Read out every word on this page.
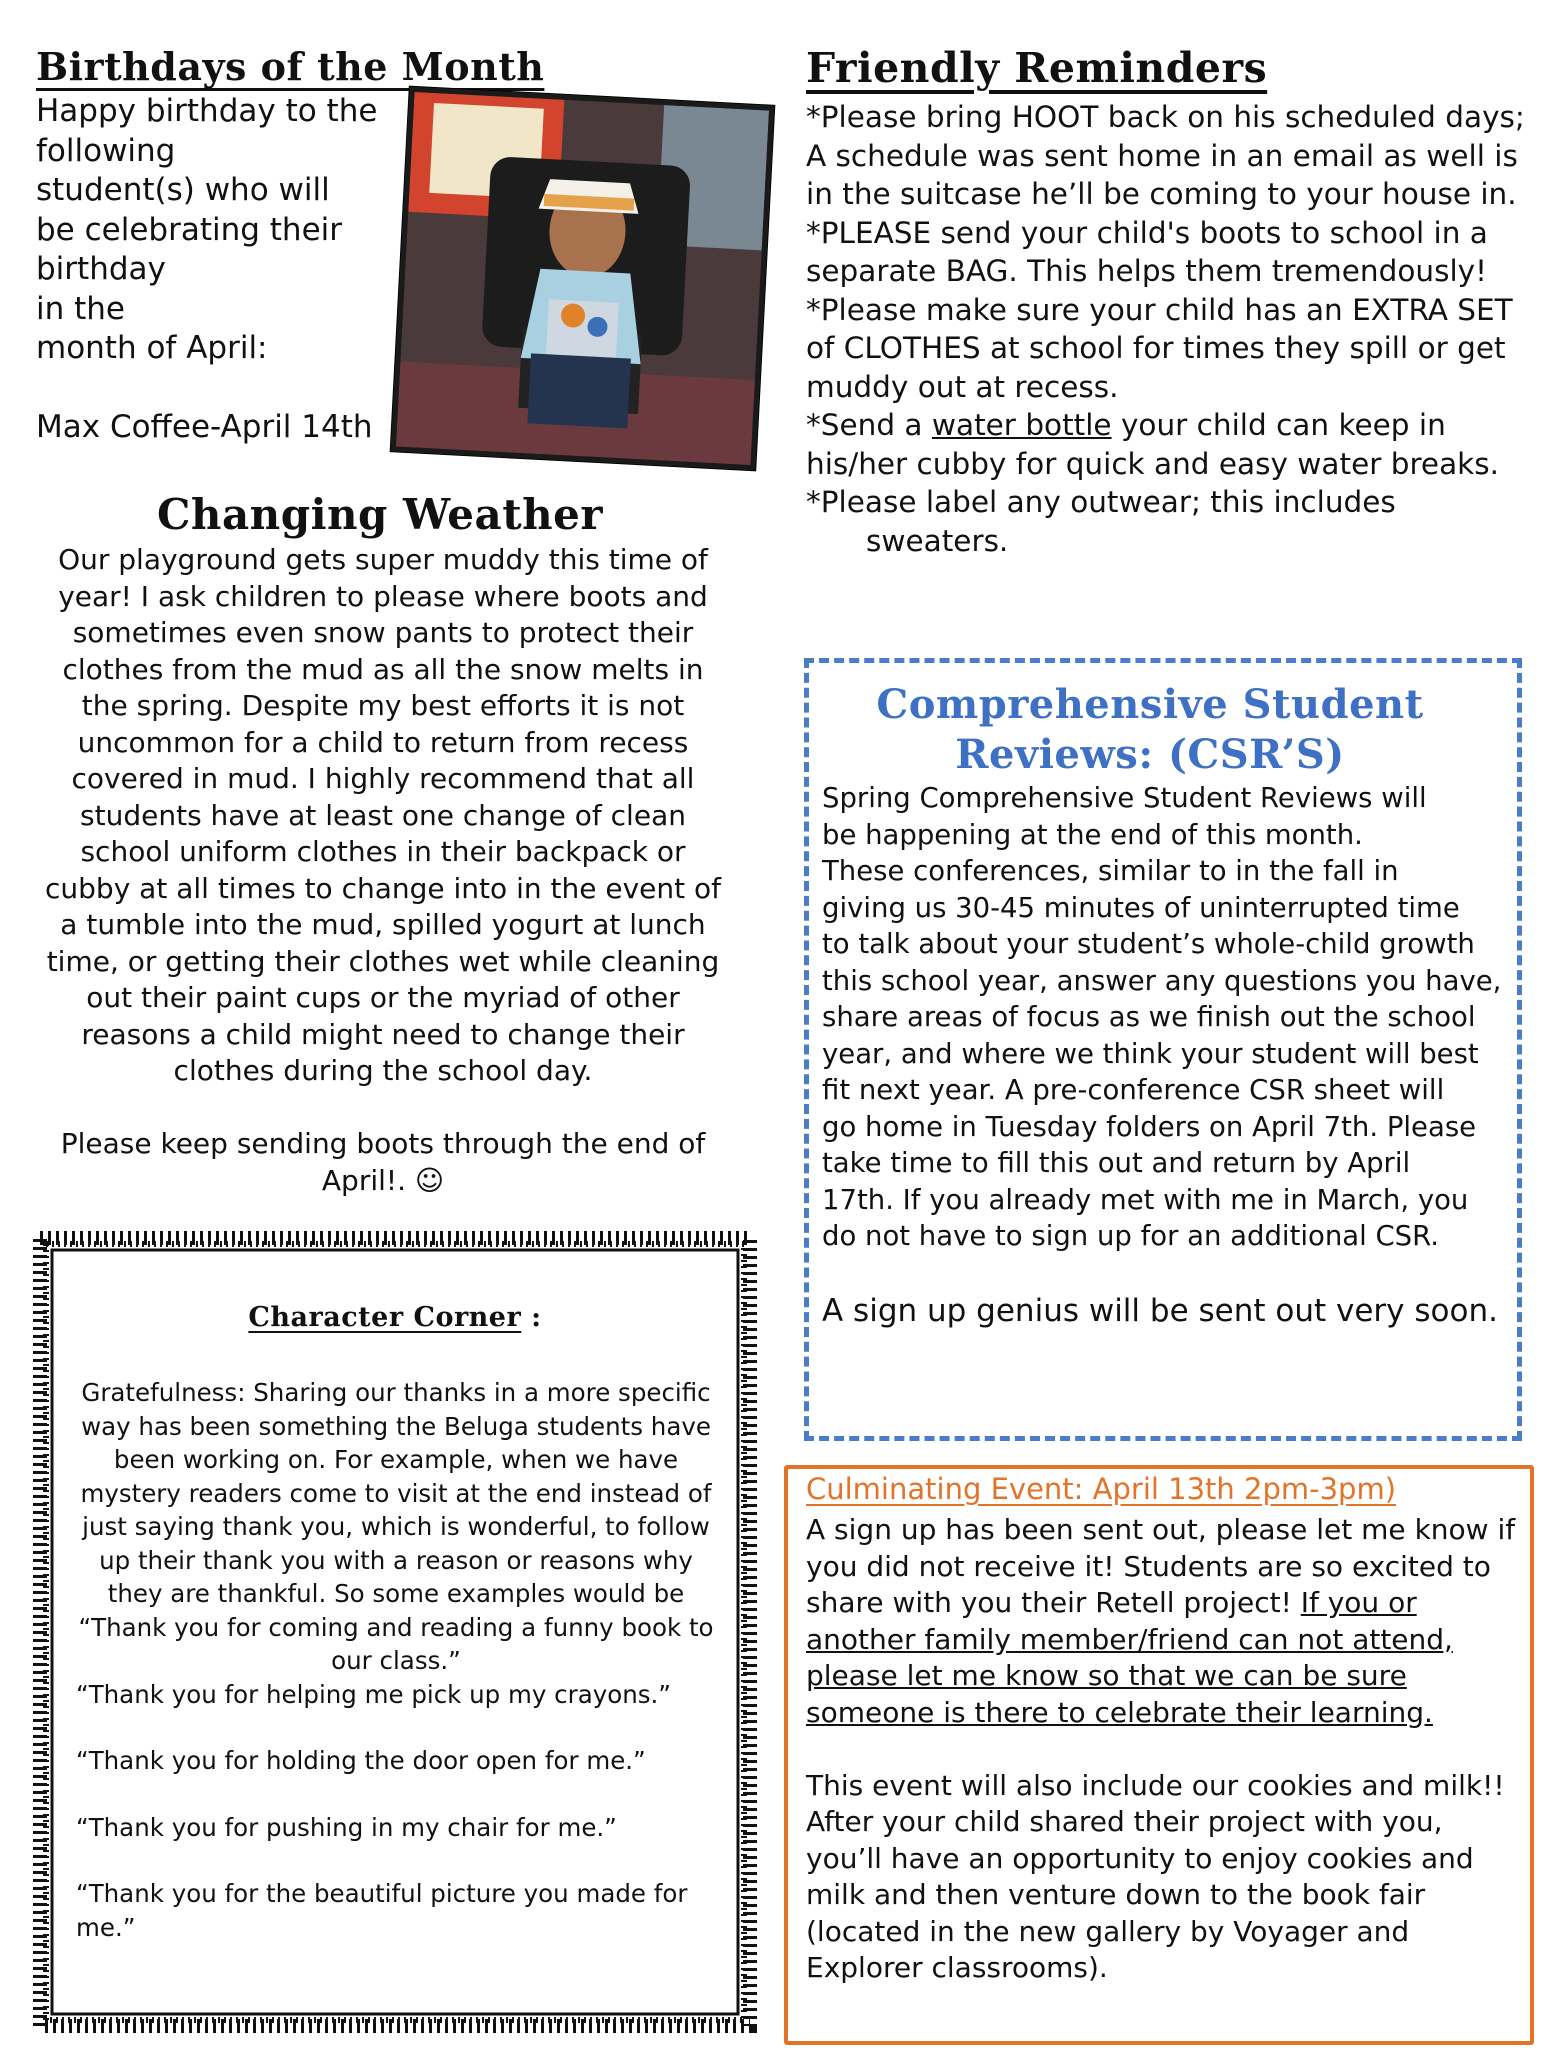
Birthdays of the Month
Happy birthday to the
following
student(s) who will
be celebrating their
birthday
in the
month of April:

Max Coffee-April 14th
Changing Weather
Our playground gets super muddy this time of
year! I ask children to please where boots and
sometimes even snow pants to protect their
clothes from the mud as all the snow melts in
the spring. Despite my best efforts it is not
uncommon for a child to return from recess
covered in mud. I highly recommend that all
students have at least one change of clean
school uniform clothes in their backpack or
cubby at all times to change into in the event of
a tumble into the mud, spilled yogurt at lunch
time, or getting their clothes wet while cleaning
out their paint cups or the myriad of other
reasons a child might need to change their
clothes during the school day.

Please keep sending boots through the end of
April!. ☺
Character Corner :
Gratefulness: Sharing our thanks in a more specific way has been something the Beluga students have been working on. For example, when we have mystery readers come to visit at the end instead of just saying thank you, which is wonderful, to follow up their thank you with a reason or reasons why they are thankful. So some examples would be “Thank you for coming and reading a funny book to our class.”

“Thank you for helping me pick up my crayons.”

“Thank you for holding the door open for me.”

“Thank you for pushing in my chair for me.”

“Thank you for the beautiful picture you made for me.”

Friendly Reminders

*Please bring HOOT back on his scheduled days; A schedule was sent home in an email as well is in the suitcase he’ll be coming to your house in.

*PLEASE send your child's boots to school in a separate BAG. This helps them tremendously!

*Please make sure your child has an EXTRA SET of CLOTHES at school for times they spill or get muddy out at recess.

*Send a water bottle your child can keep in his/her cubby for quick and easy water breaks.

*Please label any outwear; this includes

sweaters.

Comprehensive Student
Reviews: (CSR’S)
Spring Comprehensive Student Reviews will
be happening at the end of this month.
These conferences, similar to in the fall in
giving us 30-45 minutes of uninterrupted time
to talk about your student’s whole-child growth
this school year, answer any questions you have,
share areas of focus as we finish out the school
year, and where we think your student will best
fit next year. A pre-conference CSR sheet will
go home in Tuesday folders on April 7th. Please
take time to fill this out and return by April
17th. If you already met with me in March, you
do not have to sign up for an additional CSR.
A sign up genius will be sent out very soon.
Culminating Event: April 13th 2pm-3pm)

A sign up has been sent out, please let me know if you did not receive it! Students are so excited to share with you their Retell project! If you or another family member/friend can not attend, please let me know so that we can be sure someone is there to celebrate their learning.

This event will also include our cookies and milk!! After your child shared their project with you, you’ll have an opportunity to enjoy cookies and milk and then venture down to the book fair (located in the new gallery by Voyager and Explorer classrooms).
